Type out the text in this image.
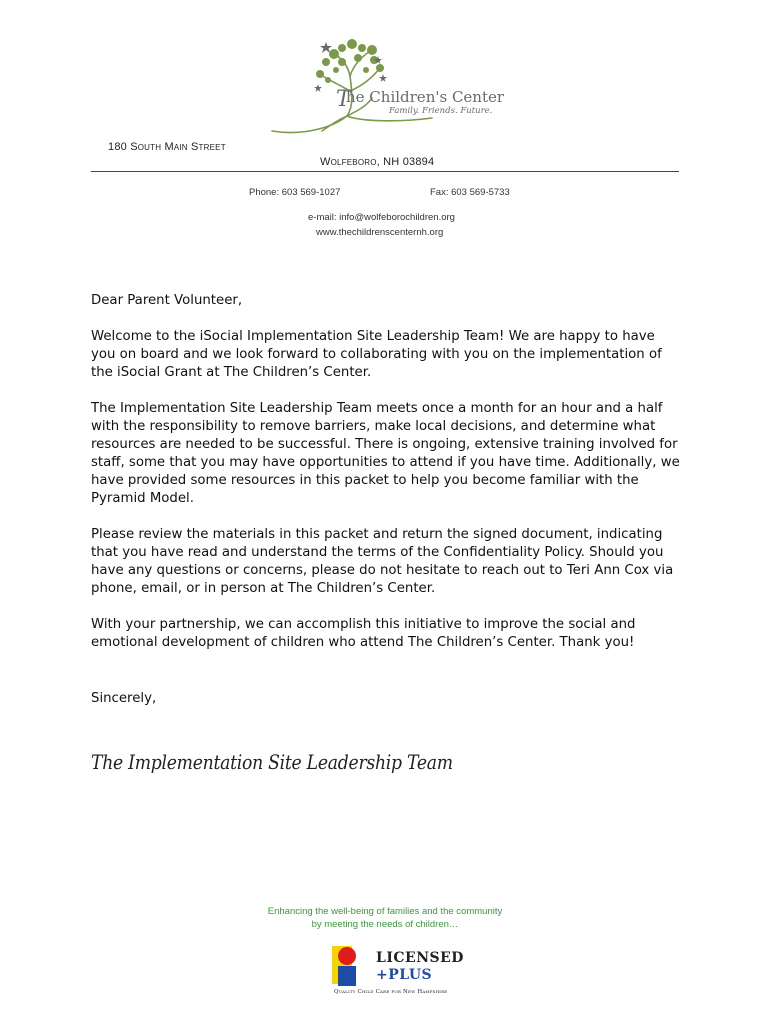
T
he Children's Center
Family. Friends. Future.
180 South Main Street
Wolfeboro, NH 03894
Phone: 603 569-1027	Fax: 603 569-5733
e-mail: info@wolfeborochildren.org
www.thechildrenscenternh.org

Dear Parent Volunteer,

Welcome to the iSocial Implementation Site Leadership Team! We are happy to have you on board and we look forward to collaborating with you on the implementation of the iSocial Grant at The Children’s Center.

The Implementation Site Leadership Team meets once a month for an hour and a half with the responsibility to remove barriers, make local decisions, and determine what resources are needed to be successful. There is ongoing, extensive training involved for staff, some that you may have opportunities to attend if you have time. Additionally, we have provided some resources in this packet to help you become familiar with the Pyramid Model.

Please review the materials in this packet and return the signed document, indicating that you have read and understand the terms of the Confidentiality Policy. Should you have any questions or concerns, please do not hesitate to reach out to Teri Ann Cox via phone, email, or in person at The Children’s Center.

With your partnership, we can accomplish this initiative to improve the social and emotional development of children who attend The Children’s Center. Thank you!

Sincerely,
The Implementation Site Leadership Team
Enhancing the well-being of families and the community
by meeting the needs of children…
LICENSED
+PLUS
Quality Child Care for New Hampshire
